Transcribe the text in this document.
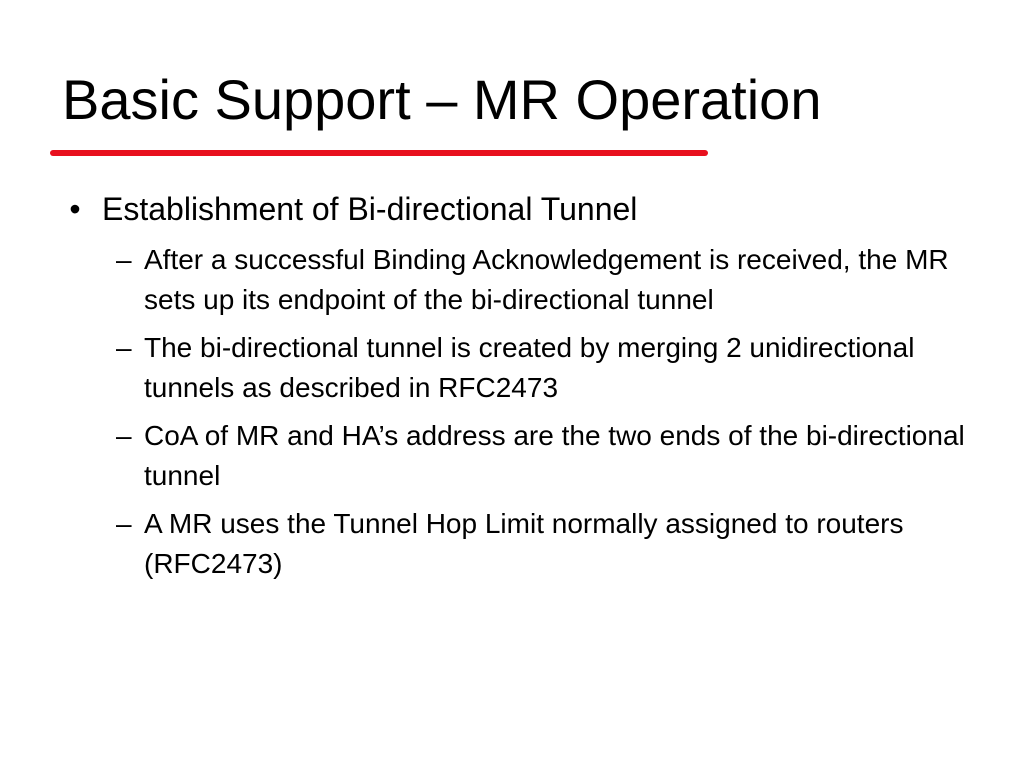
Basic Support – MR Operation
• Establishment of Bi-directional Tunnel
– After a successful Binding Acknowledgement is received, the MR sets up its endpoint of the bi-directional tunnel
– The bi-directional tunnel is created by merging 2 unidirectional tunnels as described in RFC2473
– CoA of MR and HA’s address are the two ends of the bi-directional tunnel
– A MR uses the Tunnel Hop Limit normally assigned to routers (RFC2473)
